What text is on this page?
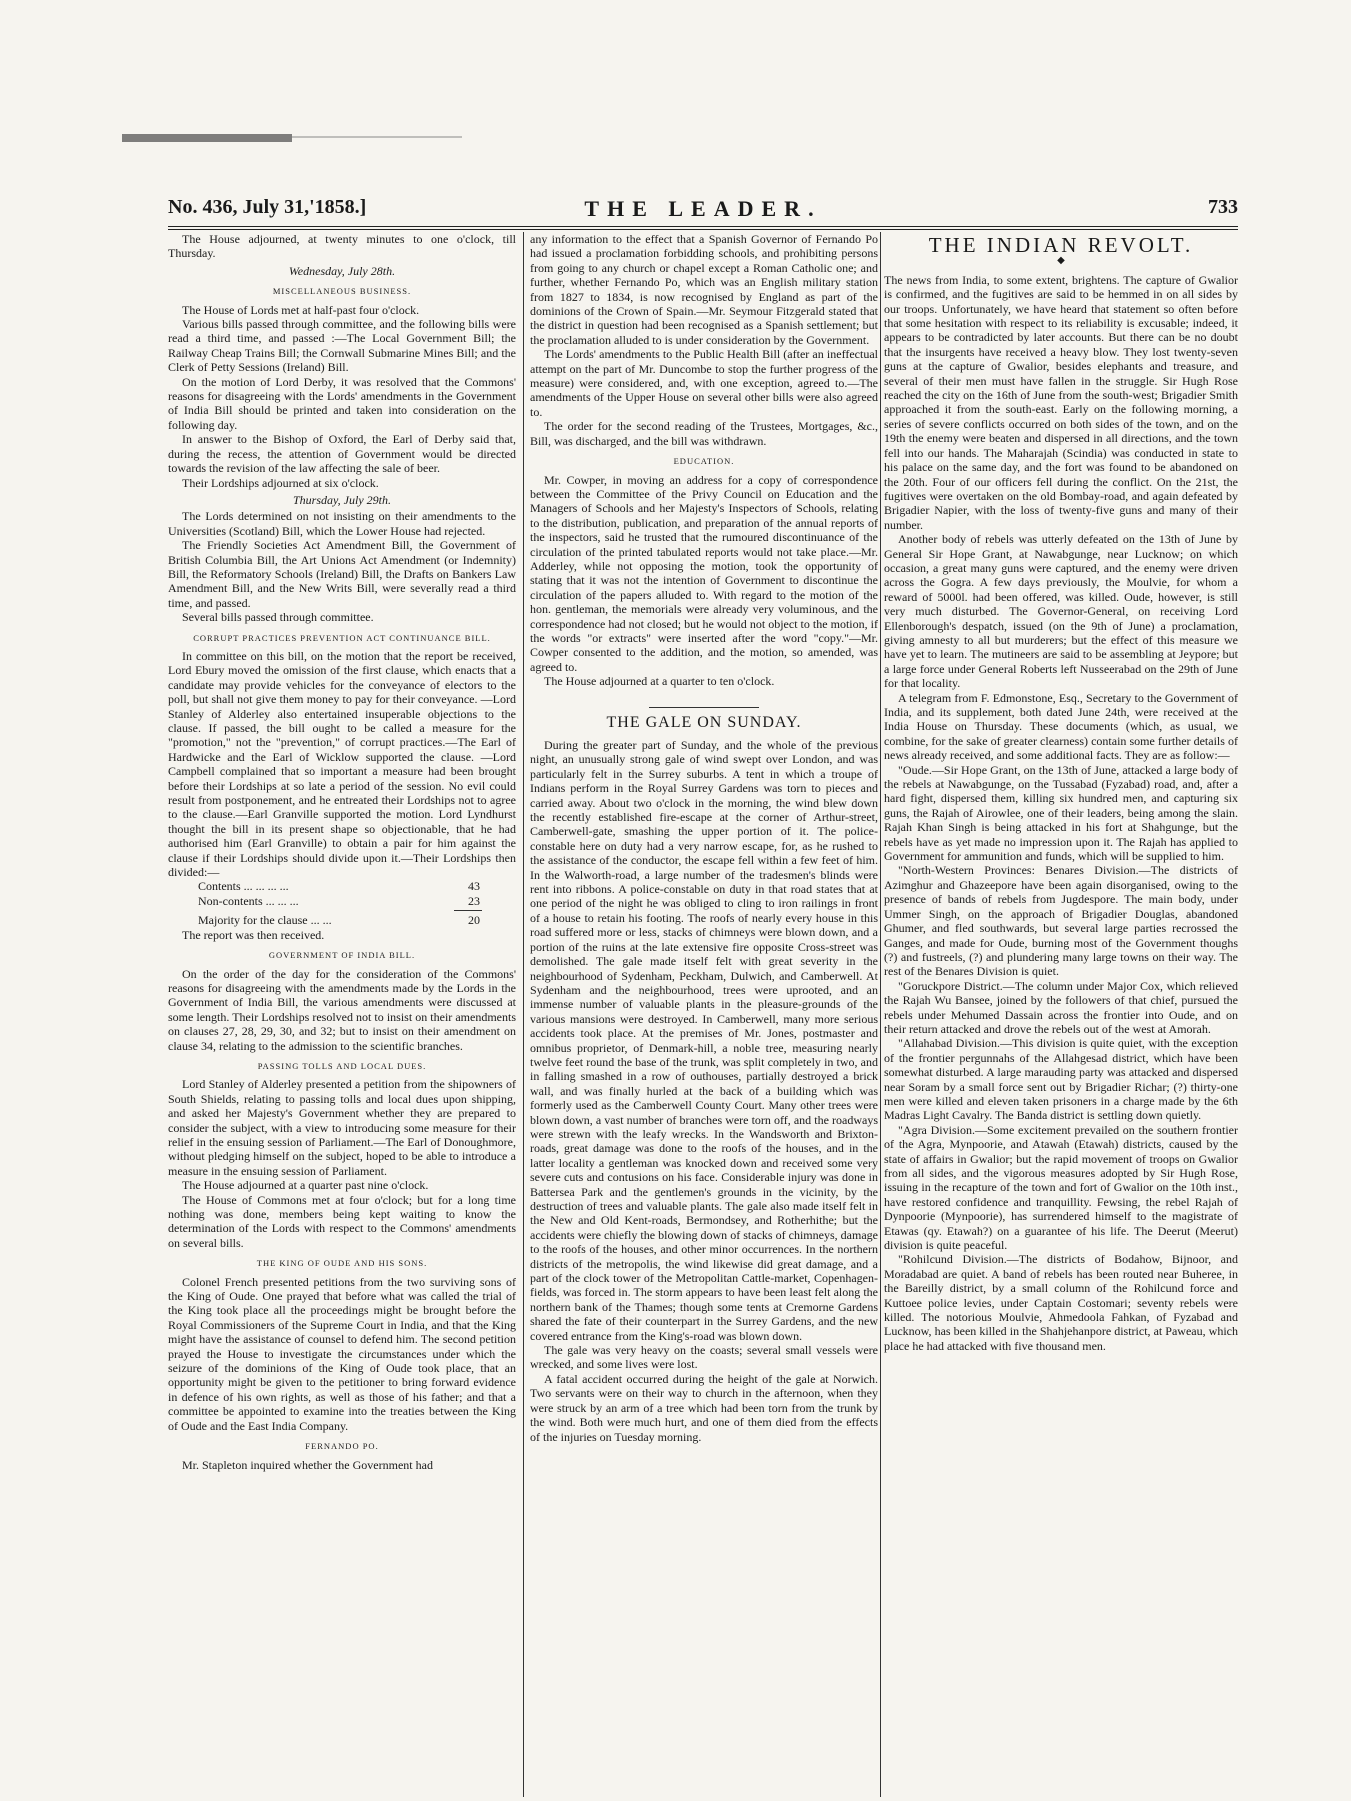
THE LEADER.
No. 436, July 31,'1858.]	733

The House adjourned, at twenty minutes to one o'clock, till Thursday.

Wednesday, July 28th.

MISCELLANEOUS BUSINESS.

The House of Lords met at half-past four o'clock.

Various bills passed through committee, and the following bills were read a third time, and passed :—The Local Government Bill; the Railway Cheap Trains Bill; the Cornwall Submarine Mines Bill; and the Clerk of Petty Sessions (Ireland) Bill.

On the motion of Lord Derby, it was resolved that the Commons' reasons for disagreeing with the Lords' amendments in the Government of India Bill should be printed and taken into consideration on the following day.

In answer to the Bishop of Oxford, the Earl of Derby said that, during the recess, the attention of Government would be directed towards the revision of the law affecting the sale of beer.

Their Lordships adjourned at six o'clock.

Thursday, July 29th.

The Lords determined on not insisting on their amendments to the Universities (Scotland) Bill, which the Lower House had rejected.

The Friendly Societies Act Amendment Bill, the Government of British Columbia Bill, the Art Unions Act Amendment (or Indemnity) Bill, the Reformatory Schools (Ireland) Bill, the Drafts on Bankers Law Amendment Bill, and the New Writs Bill, were severally read a third time, and passed.

Several bills passed through committee.

CORRUPT PRACTICES PREVENTION ACT CONTINUANCE BILL.

In committee on this bill, on the motion that the report be received, Lord Ebury moved the omission of the first clause, which enacts that a candidate may provide vehicles for the conveyance of electors to the poll, but shall not give them money to pay for their conveyance. —Lord Stanley of Alderley also entertained insuperable objections to the clause. If passed, the bill ought to be called a measure for the "promotion," not the "prevention," of corrupt practices.—The Earl of Hardwicke and the Earl of Wicklow supported the clause. —Lord Campbell complained that so important a measure had been brought before their Lordships at so late a period of the session. No evil could result from postponement, and he entreated their Lordships not to agree to the clause.—Earl Granville supported the motion. Lord Lyndhurst thought the bill in its present shape so objectionable, that he had authorised him (Earl Granville) to obtain a pair for him against the clause if their Lordships should divide upon it.—Their Lordships then divided:—

Contents ... ... ... ...	43
Non-contents ... ... ...	23
Majority for the clause ... ...	20

The report was then received.

GOVERNMENT OF INDIA BILL.

On the order of the day for the consideration of the Commons' reasons for disagreeing with the amendments made by the Lords in the Government of India Bill, the various amendments were discussed at some length. Their Lordships resolved not to insist on their amendments on clauses 27, 28, 29, 30, and 32; but to insist on their amendment on clause 34, relating to the admission to the scientific branches.

PASSING TOLLS AND LOCAL DUES.

Lord Stanley of Alderley presented a petition from the shipowners of South Shields, relating to passing tolls and local dues upon shipping, and asked her Majesty's Government whether they are prepared to consider the subject, with a view to introducing some measure for their relief in the ensuing session of Parliament.—The Earl of Donoughmore, without pledging himself on the subject, hoped to be able to introduce a measure in the ensuing session of Parliament.

The House adjourned at a quarter past nine o'clock.

The House of Commons met at four o'clock; but for a long time nothing was done, members being kept waiting to know the determination of the Lords with respect to the Commons' amendments on several bills.

THE KING OF OUDE AND HIS SONS.

Colonel French presented petitions from the two surviving sons of the King of Oude. One prayed that before what was called the trial of the King took place all the proceedings might be brought before the Royal Commissioners of the Supreme Court in India, and that the King might have the assistance of counsel to defend him. The second petition prayed the House to investigate the circumstances under which the seizure of the dominions of the King of Oude took place, that an opportunity might be given to the petitioner to bring forward evidence in defence of his own rights, as well as those of his father; and that a committee be appointed to examine into the treaties between the King of Oude and the East India Company.

FERNANDO PO.

Mr. Stapleton inquired whether the Government had

any information to the effect that a Spanish Governor of Fernando Po had issued a proclamation forbidding schools, and prohibiting persons from going to any church or chapel except a Roman Catholic one; and further, whether Fernando Po, which was an English military station from 1827 to 1834, is now recognised by England as part of the dominions of the Crown of Spain.—Mr. Seymour Fitzgerald stated that the district in question had been recognised as a Spanish settlement; but the proclamation alluded to is under consideration by the Government.

The Lords' amendments to the Public Health Bill (after an ineffectual attempt on the part of Mr. Duncombe to stop the further progress of the measure) were considered, and, with one exception, agreed to.—The amendments of the Upper House on several other bills were also agreed to.

The order for the second reading of the Trustees, Mortgages, &c., Bill, was discharged, and the bill was withdrawn.

EDUCATION.

Mr. Cowper, in moving an address for a copy of correspondence between the Committee of the Privy Council on Education and the Managers of Schools and her Majesty's Inspectors of Schools, relating to the distribution, publication, and preparation of the annual reports of the inspectors, said he trusted that the rumoured discontinuance of the circulation of the printed tabulated reports would not take place.—Mr. Adderley, while not opposing the motion, took the opportunity of stating that it was not the intention of Government to discontinue the circulation of the papers alluded to. With regard to the motion of the hon. gentleman, the memorials were already very voluminous, and the correspondence had not closed; but he would not object to the motion, if the words "or extracts" were inserted after the word "copy."—Mr. Cowper consented to the addition, and the motion, so amended, was agreed to.

The House adjourned at a quarter to ten o'clock.

THE GALE ON SUNDAY.

During the greater part of Sunday, and the whole of the previous night, an unusually strong gale of wind swept over London, and was particularly felt in the Surrey suburbs. A tent in which a troupe of Indians perform in the Royal Surrey Gardens was torn to pieces and carried away. About two o'clock in the morning, the wind blew down the recently established fire-escape at the corner of Arthur-street, Camberwell-gate, smashing the upper portion of it. The police-constable here on duty had a very narrow escape, for, as he rushed to the assistance of the conductor, the escape fell within a few feet of him. In the Walworth-road, a large number of the tradesmen's blinds were rent into ribbons. A police-constable on duty in that road states that at one period of the night he was obliged to cling to iron railings in front of a house to retain his footing. The roofs of nearly every house in this road suffered more or less, stacks of chimneys were blown down, and a portion of the ruins at the late extensive fire opposite Cross-street was demolished. The gale made itself felt with great severity in the neighbourhood of Sydenham, Peckham, Dulwich, and Camberwell. At Sydenham and the neighbourhood, trees were uprooted, and an immense number of valuable plants in the pleasure-grounds of the various mansions were destroyed. In Camberwell, many more serious accidents took place. At the premises of Mr. Jones, postmaster and omnibus proprietor, of Denmark-hill, a noble tree, measuring nearly twelve feet round the base of the trunk, was split completely in two, and in falling smashed in a row of outhouses, partially destroyed a brick wall, and was finally hurled at the back of a building which was formerly used as the Camberwell County Court. Many other trees were blown down, a vast number of branches were torn off, and the roadways were strewn with the leafy wrecks. In the Wandsworth and Brixton-roads, great damage was done to the roofs of the houses, and in the latter locality a gentleman was knocked down and received some very severe cuts and contusions on his face. Considerable injury was done in Battersea Park and the gentlemen's grounds in the vicinity, by the destruction of trees and valuable plants. The gale also made itself felt in the New and Old Kent-roads, Bermondsey, and Rotherhithe; but the accidents were chiefly the blowing down of stacks of chimneys, damage to the roofs of the houses, and other minor occurrences. In the northern districts of the metropolis, the wind likewise did great damage, and a part of the clock tower of the Metropolitan Cattle-market, Copenhagen-fields, was forced in. The storm appears to have been least felt along the northern bank of the Thames; though some tents at Cremorne Gardens shared the fate of their counterpart in the Surrey Gardens, and the new covered entrance from the King's-road was blown down.

The gale was very heavy on the coasts; several small vessels were wrecked, and some lives were lost.

A fatal accident occurred during the height of the gale at Norwich. Two servants were on their way to church in the afternoon, when they were struck by an arm of a tree which had been torn from the trunk by the wind. Both were much hurt, and one of them died from the effects of the injuries on Tuesday morning.

THE INDIAN REVOLT.

◆

The news from India, to some extent, brightens. The capture of Gwalior is confirmed, and the fugitives are said to be hemmed in on all sides by our troops. Unfortunately, we have heard that statement so often before that some hesitation with respect to its reliability is excusable; indeed, it appears to be contradicted by later accounts. But there can be no doubt that the insurgents have received a heavy blow. They lost twenty-seven guns at the capture of Gwalior, besides elephants and treasure, and several of their men must have fallen in the struggle. Sir Hugh Rose reached the city on the 16th of June from the south-west; Brigadier Smith approached it from the south-east. Early on the following morning, a series of severe conflicts occurred on both sides of the town, and on the 19th the enemy were beaten and dispersed in all directions, and the town fell into our hands. The Maharajah (Scindia) was conducted in state to his palace on the same day, and the fort was found to be abandoned on the 20th. Four of our officers fell during the conflict. On the 21st, the fugitives were overtaken on the old Bombay-road, and again defeated by Brigadier Napier, with the loss of twenty-five guns and many of their number.

Another body of rebels was utterly defeated on the 13th of June by General Sir Hope Grant, at Nawabgunge, near Lucknow; on which occasion, a great many guns were captured, and the enemy were driven across the Gogra. A few days previously, the Moulvie, for whom a reward of 5000l. had been offered, was killed. Oude, however, is still very much disturbed. The Governor-General, on receiving Lord Ellenborough's despatch, issued (on the 9th of June) a proclamation, giving amnesty to all but murderers; but the effect of this measure we have yet to learn. The mutineers are said to be assembling at Jeypore; but a large force under General Roberts left Nusseerabad on the 29th of June for that locality.

A telegram from F. Edmonstone, Esq., Secretary to the Government of India, and its supplement, both dated June 24th, were received at the India House on Thursday. These documents (which, as usual, we combine, for the sake of greater clearness) contain some further details of news already received, and some additional facts. They are as follow:—

"Oude.—Sir Hope Grant, on the 13th of June, attacked a large body of the rebels at Nawabgunge, on the Tussabad (Fyzabad) road, and, after a hard fight, dispersed them, killing six hundred men, and capturing six guns, the Rajah of Airowlee, one of their leaders, being among the slain. Rajah Khan Singh is being attacked in his fort at Shahgunge, but the rebels have as yet made no impression upon it. The Rajah has applied to Government for ammunition and funds, which will be supplied to him.

"North-Western Provinces: Benares Division.—The districts of Azimghur and Ghazeepore have been again disorganised, owing to the presence of bands of rebels from Jugdespore. The main body, under Ummer Singh, on the approach of Brigadier Douglas, abandoned Ghumer, and fled southwards, but several large parties recrossed the Ganges, and made for Oude, burning most of the Government thoughs (?) and fustreels, (?) and plundering many large towns on their way. The rest of the Benares Division is quiet.

"Goruckpore District.—The column under Major Cox, which relieved the Rajah Wu Bansee, joined by the followers of that chief, pursued the rebels under Mehumed Dassain across the frontier into Oude, and on their return attacked and drove the rebels out of the west at Amorah.

"Allahabad Division.—This division is quite quiet, with the exception of the frontier pergunnahs of the Allahgesad district, which have been somewhat disturbed. A large marauding party was attacked and dispersed near Soram by a small force sent out by Brigadier Richar; (?) thirty-one men were killed and eleven taken prisoners in a charge made by the 6th Madras Light Cavalry. The Banda district is settling down quietly.

"Agra Division.—Some excitement prevailed on the southern frontier of the Agra, Mynpoorie, and Atawah (Etawah) districts, caused by the state of affairs in Gwalior; but the rapid movement of troops on Gwalior from all sides, and the vigorous measures adopted by Sir Hugh Rose, issuing in the recapture of the town and fort of Gwalior on the 10th inst., have restored confidence and tranquillity. Fewsing, the rebel Rajah of Dynpoorie (Mynpoorie), has surrendered himself to the magistrate of Etawas (qy. Etawah?) on a guarantee of his life. The Deerut (Meerut) division is quite peaceful.

"Rohilcund Division.—The districts of Bodahow, Bijnoor, and Moradabad are quiet. A band of rebels has been routed near Buheree, in the Bareilly district, by a small column of the Rohilcund force and Kuttoee police levies, under Captain Costomari; seventy rebels were killed. The notorious Moulvie, Ahmedoola Fahkan, of Fyzabad and Lucknow, has been killed in the Shahjehanpore district, at Paweau, which place he had attacked with five thousand men.
